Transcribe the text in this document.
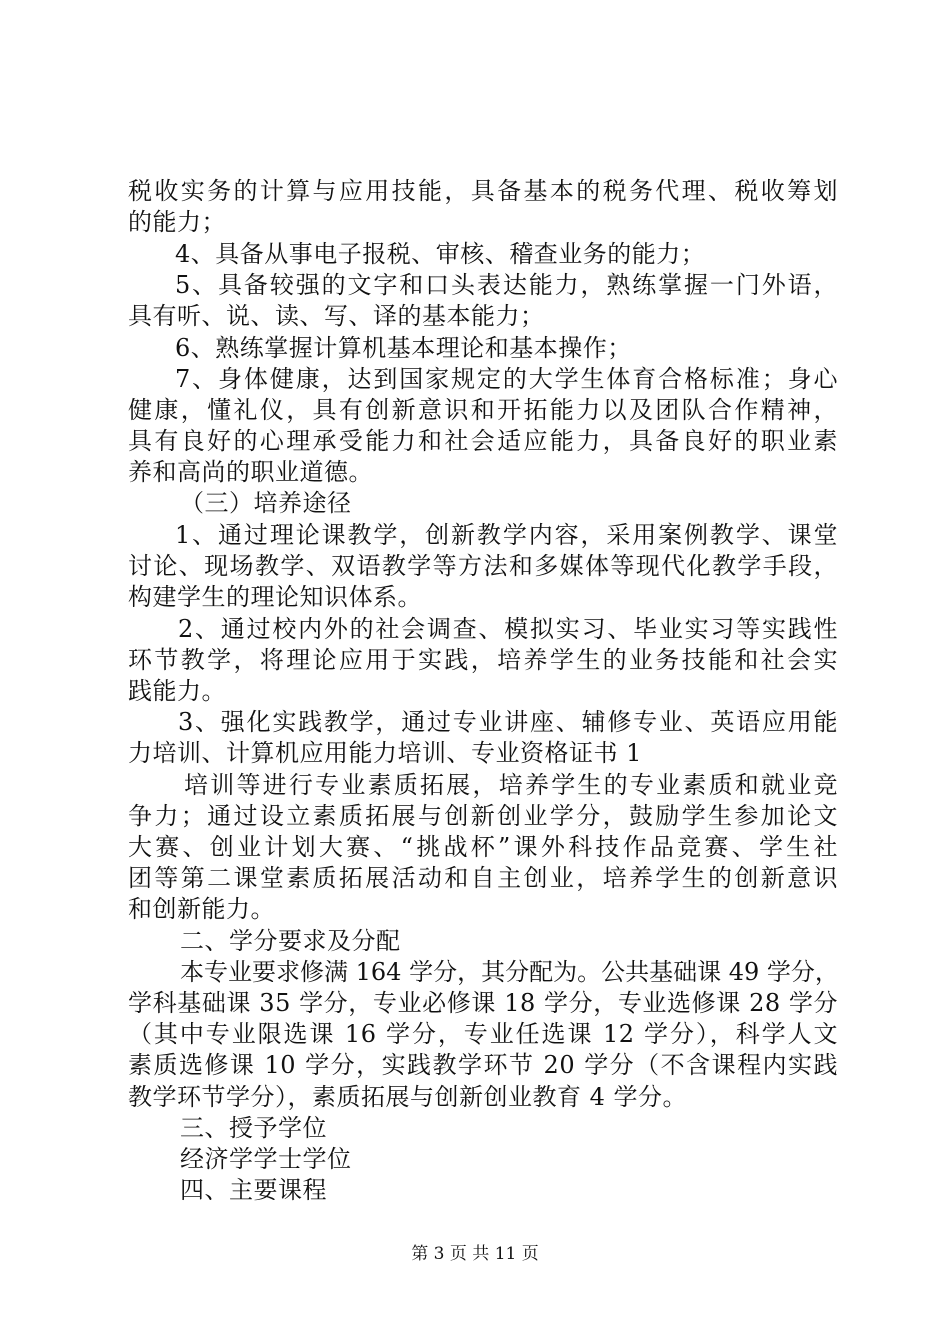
税收实务的计算与应用技能，具备基本的税务代理、税收筹划
的能力；
4、具备从事电子报税、审核、稽查业务的能力；
5、具备较强的文字和口头表达能力，熟练掌握一门外语，
具有听、说、读、写、译的基本能力；
6、熟练掌握计算机基本理论和基本操作；
7、身体健康，达到国家规定的大学生体育合格标准；身心
健康，懂礼仪，具有创新意识和开拓能力以及团队合作精神，
具有良好的心理承受能力和社会适应能力，具备良好的职业素
养和高尚的职业道德。
（三）培养途径
1、通过理论课教学，创新教学内容，采用案例教学、课堂
讨论、现场教学、双语教学等方法和多媒体等现代化教学手段，
构建学生的理论知识体系。
2、通过校内外的社会调查、模拟实习、毕业实习等实践性
环节教学，将理论应用于实践，培养学生的业务技能和社会实
践能力。
3、强化实践教学，通过专业讲座、辅修专业、英语应用能
力培训、计算机应用能力培训、专业资格证书 1
培训等进行专业素质拓展，培养学生的专业素质和就业竞
争力；通过设立素质拓展与创新创业学分，鼓励学生参加论文
大赛、创业计划大赛、“挑战杯”课外科技作品竞赛、学生社
团等第二课堂素质拓展活动和自主创业，培养学生的创新意识
和创新能力。
二、学分要求及分配
本专业要求修满 164 学分，其分配为。公共基础课 49 学分，
学科基础课 35 学分，专业必修课 18 学分，专业选修课 28 学分
（其中专业限选课 16 学分，专业任选课 12 学分），科学人文
素质选修课 10 学分，实践教学环节 20 学分（不含课程内实践
教学环节学分），素质拓展与创新创业教育 4 学分。
三、授予学位
经济学学士学位
四、主要课程
第 3 页 共 11 页
